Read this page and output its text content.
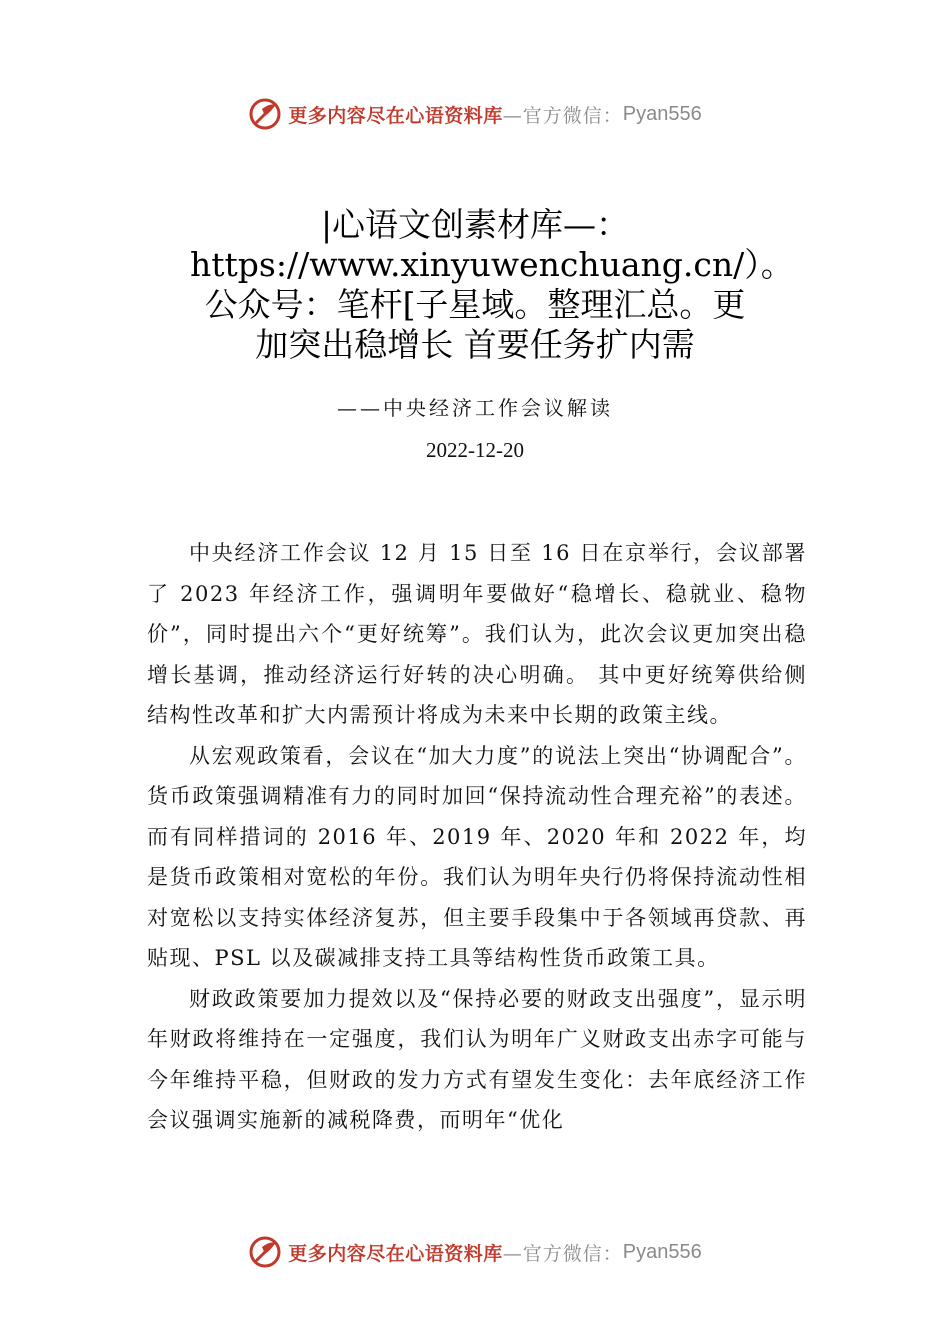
更多内容尽在心语资料库 —官方微信： Pyan556
|心语文创素材库—：https://www.xinyuwenchuang.cn/）。公众号：笔杆[子星域。整理汇总。更加突出稳增长 首要任务扩内需
——中央经济工作会议解读
2022-12-20

中央经济工作会议 12 月 15 日至 16 日在京举行，会议部署了 2023 年经济工作，强调明年要做好“稳增长、稳就业、稳物价”，同时提出六个“更好统筹”。我们认为，此次会议更加突出稳增长基调，推动经济运行好转的决心明确。 其中更好统筹供给侧结构性改革和扩大内需预计将成为未来中长期的政策主线。

从宏观政策看，会议在“加大力度”的说法上突出“协调配合”。货币政策强调精准有力的同时加回“保持流动性合理充裕”的表述。而有同样措词的 2016 年、2019 年、2020 年和 2022 年，均是货币政策相对宽松的年份。我们认为明年央行仍将保持流动性相对宽松以支持实体经济复苏，但主要手段集中于各领域再贷款、再贴现、PSL 以及碳减排支持工具等结构性货币政策工具。

财政政策要加力提效以及“保持必要的财政支出强度”，显示明年财政将维持在一定强度，我们认为明年广义财政支出赤字可能与今年维持平稳，但财政的发力方式有望发生变化：去年底经济工作会议强调实施新的减税降费，而明年“优化

更多内容尽在心语资料库 —官方微信： Pyan556
